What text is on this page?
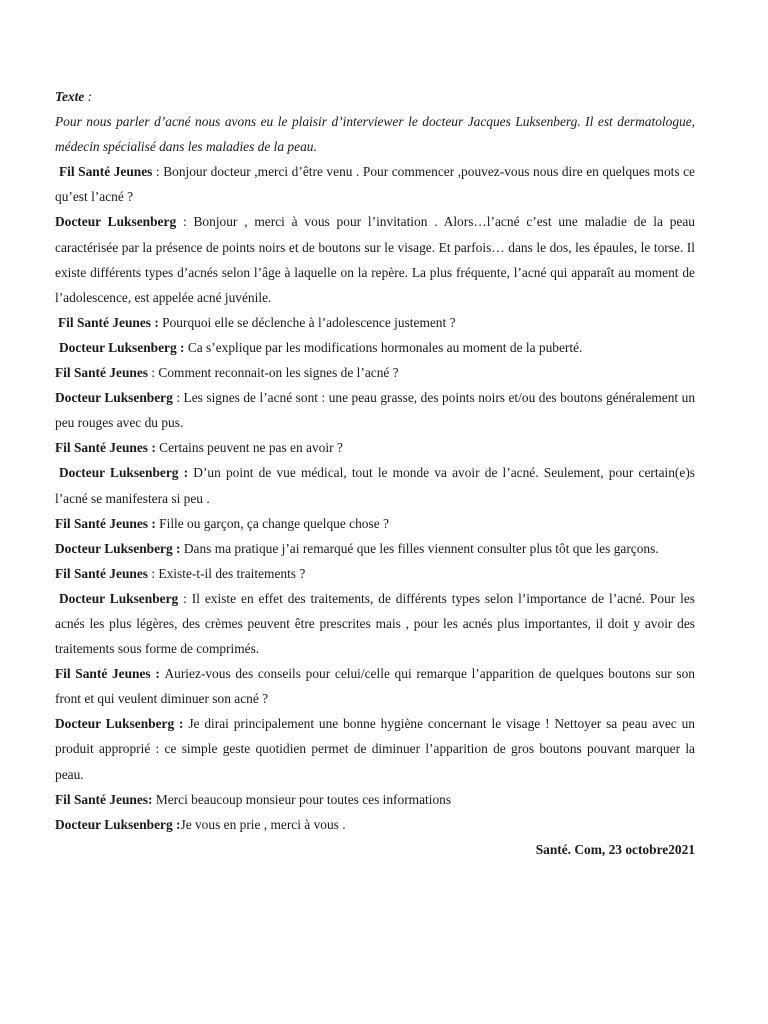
Texte :

Pour nous parler d’acné nous avons eu le plaisir d’interviewer le docteur Jacques Luksenberg. Il est dermatologue, médecin spécialisé dans les maladies de la peau.

Fil Santé Jeunes : Bonjour docteur ,merci d’être venu . Pour commencer ,pouvez-vous nous dire en quelques mots ce qu’est l’acné ?

Docteur Luksenberg : Bonjour , merci à vous pour l’invitation . Alors…l’acné c’est une maladie de la peau caractérisée par la présence de points noirs et de boutons sur le visage. Et parfois… dans le dos, les épaules, le torse. Il existe différents types d’acnés selon l’âge à laquelle on la repère. La plus fréquente, l’acné qui apparaît au moment de l’adolescence, est appelée acné juvénile.

Fil Santé Jeunes : Pourquoi elle se déclenche à l’adolescence justement ?

Docteur Luksenberg : Ca s’explique par les modifications hormonales au moment de la puberté.

Fil Santé Jeunes : Comment reconnait-on les signes de l’acné ?

Docteur Luksenberg : Les signes de l’acné sont : une peau grasse, des points noirs et/ou des boutons généralement un peu rouges avec du pus.

Fil Santé Jeunes : Certains peuvent ne pas en avoir ?

Docteur Luksenberg : D’un point de vue médical, tout le monde va avoir de l’acné. Seulement, pour certain(e)s l’acné se manifestera si peu .

Fil Santé Jeunes : Fille ou garçon, ça change quelque chose ?

Docteur Luksenberg : Dans ma pratique j’ai remarqué que les filles viennent consulter plus tôt que les garçons.

Fil Santé Jeunes : Existe-t-il des traitements ?

Docteur Luksenberg : Il existe en effet des traitements, de différents types selon l’importance de l’acné. Pour les acnés les plus légères, des crèmes peuvent être prescrites mais , pour les acnés plus importantes, il doit y avoir des traitements sous forme de comprimés.

Fil Santé Jeunes : Auriez-vous des conseils pour celui/celle qui remarque l’apparition de quelques boutons sur son front et qui veulent diminuer son acné ?

Docteur Luksenberg : Je dirai principalement une bonne hygiène concernant le visage ! Nettoyer sa peau avec un produit approprié : ce simple geste quotidien permet de diminuer l’apparition de gros boutons pouvant marquer la peau.

Fil Santé Jeunes: Merci beaucoup monsieur pour toutes ces informations

Docteur Luksenberg :Je vous en prie , merci à vous .

Santé. Com, 23 octobre2021
